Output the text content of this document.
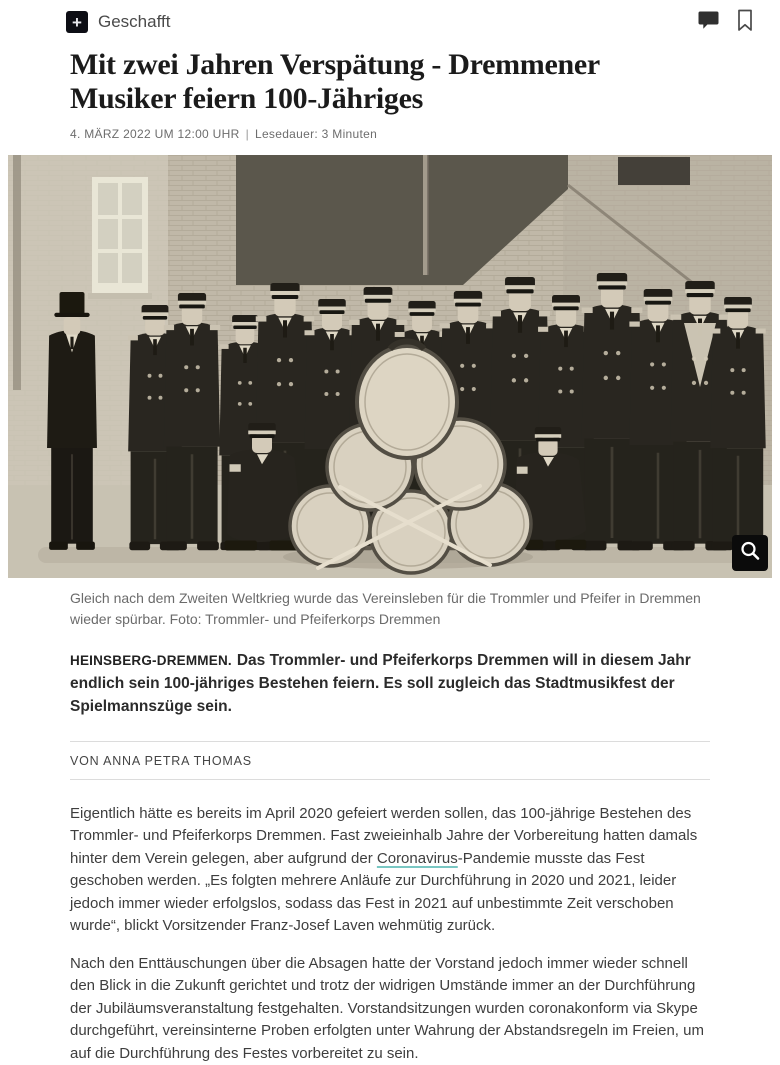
+ Geschafft
Mit zwei Jahren Verspätung - Dremmener Musiker feiern 100-Jähriges
4. MÄRZ 2022 UM 12:00 UHR | Lesedauer: 3 Minuten
Gleich nach dem Zweiten Weltkrieg wurde das Vereinsleben für die Trommler und Pfeifer in Dremmen wieder spürbar. Foto: Trommler- und Pfeiferkorps Dremmen

HEINSBERG-DREMMEN. Das Trommler- und Pfeiferkorps Dremmen will in diesem Jahr endlich sein 100-jähriges Bestehen feiern. Es soll zugleich das Stadtmusikfest der Spielmannszüge sein.

VON ANNA PETRA THOMAS

Eigentlich hätte es bereits im April 2020 gefeiert werden sollen, das 100-jährige Bestehen des Trommler- und Pfeiferkorps Dremmen. Fast zweieinhalb Jahre der Vorbereitung hatten damals hinter dem Verein gelegen, aber aufgrund der Coronavirus-Pandemie musste das Fest geschoben werden. „Es folgten mehrere Anläufe zur Durchführung in 2020 und 2021, leider jedoch immer wieder erfolgslos, sodass das Fest in 2021 auf unbestimmte Zeit verschoben wurde“, blickt Vorsitzender Franz-Josef Laven wehmütig zurück.

Nach den Enttäuschungen über die Absagen hatte der Vorstand jedoch immer wieder schnell den Blick in die Zukunft gerichtet und trotz der widrigen Umstände immer an der Durchführung der Jubiläumsveranstaltung festgehalten. Vorstandsitzungen wurden coronakonform via Skype durchgeführt, vereinsinterne Proben erfolgten unter Wahrung der Abstandsregeln im Freien, um auf die Durchführung des Festes vorbereitet zu sein.
